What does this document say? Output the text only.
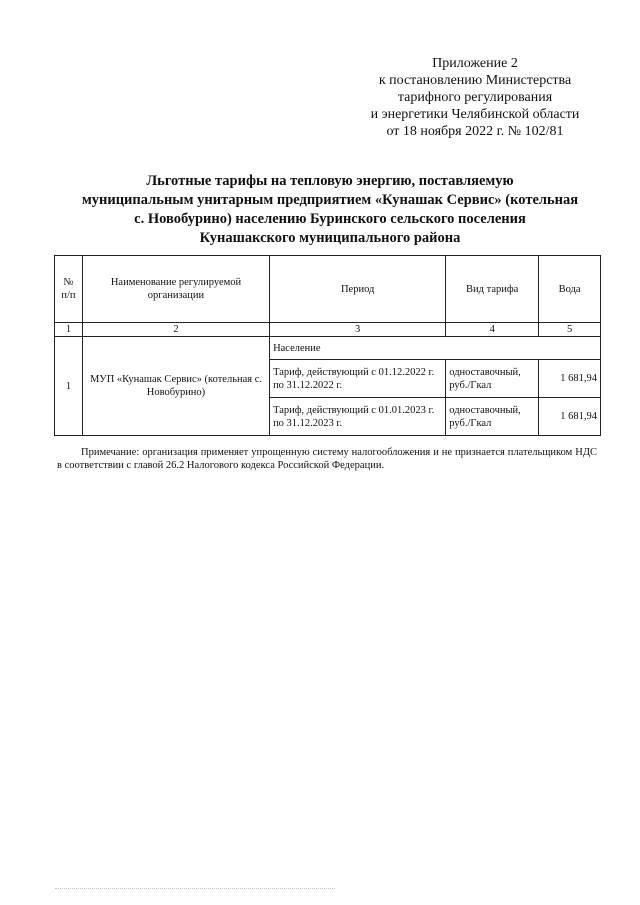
Приложение 2
к постановлению Министерства
тарифного регулирования
и энергетики Челябинской области
от 18 ноября 2022 г. № 102/81
Льготные тарифы на тепловую энергию, поставляемую
муниципальным унитарным предприятием «Кунашак Сервис» (котельная
с. Новобурино) населению Буринского сельского поселения
Кунашакского муниципального района
№ п/п	Наименование регулируемой организации	Период	Вид тарифа	Вода
1	2	3	4	5
1	МУП «Кунашак Сервис» (котельная с. Новобурино)	Население		
		Тариф, действующий с 01.12.2022 г. по 31.12.2022 г.	одноставочный, руб./Гкал	1 681,94
		Тариф, действующий с 01.01.2023 г. по 31.12.2023 г.	одноставочный, руб./Гкал	1 681,94
Примечание: организация применяет упрощенную систему налогообложения и не признается плательщиком НДС в соответствии с главой 26.2 Налогового кодекса Российской Федерации.
